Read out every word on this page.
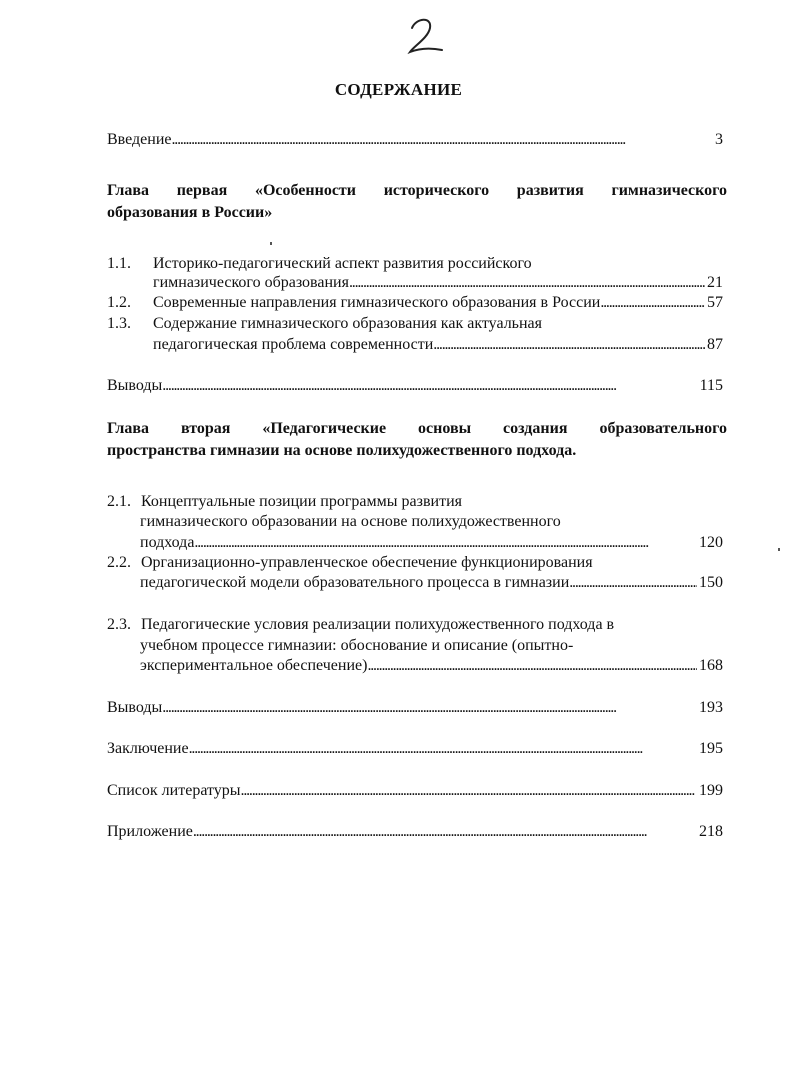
СОДЕРЖАНИЕ
Введение . . .	3
Глава первая «Особенности исторического развития гимназического
образования в России»
1.1. Историко-педагогический аспект развития российского
гимназического образования . . .	21
1.2.	Современные направления гимназического образования в России . . .	57
1.3. Содержание гимназического образования как актуальная
педагогическая проблема современности . . .	87
Выводы . . .	115
Глава вторая «Педагогические основы создания образовательного
пространства гимназии на основе полихудожественного подхода.
2.1. Концептуальные позиции программы развития
гимназического образовании на основе полихудожественного
подхода . . .	120
2.2. Организационно-управленческое обеспечение функционирования
педагогической модели образовательного процесса в гимназии . . .	150
2.3. Педагогические условия реализации полихудожественного подхода в
учебном процессе гимназии: обоснование и описание (опытно-
экспериментальное обеспечение) . . .	168
Выводы . . .	193
Заключение . . .	195
Список литературы . . .	199
Приложение . . .	218
